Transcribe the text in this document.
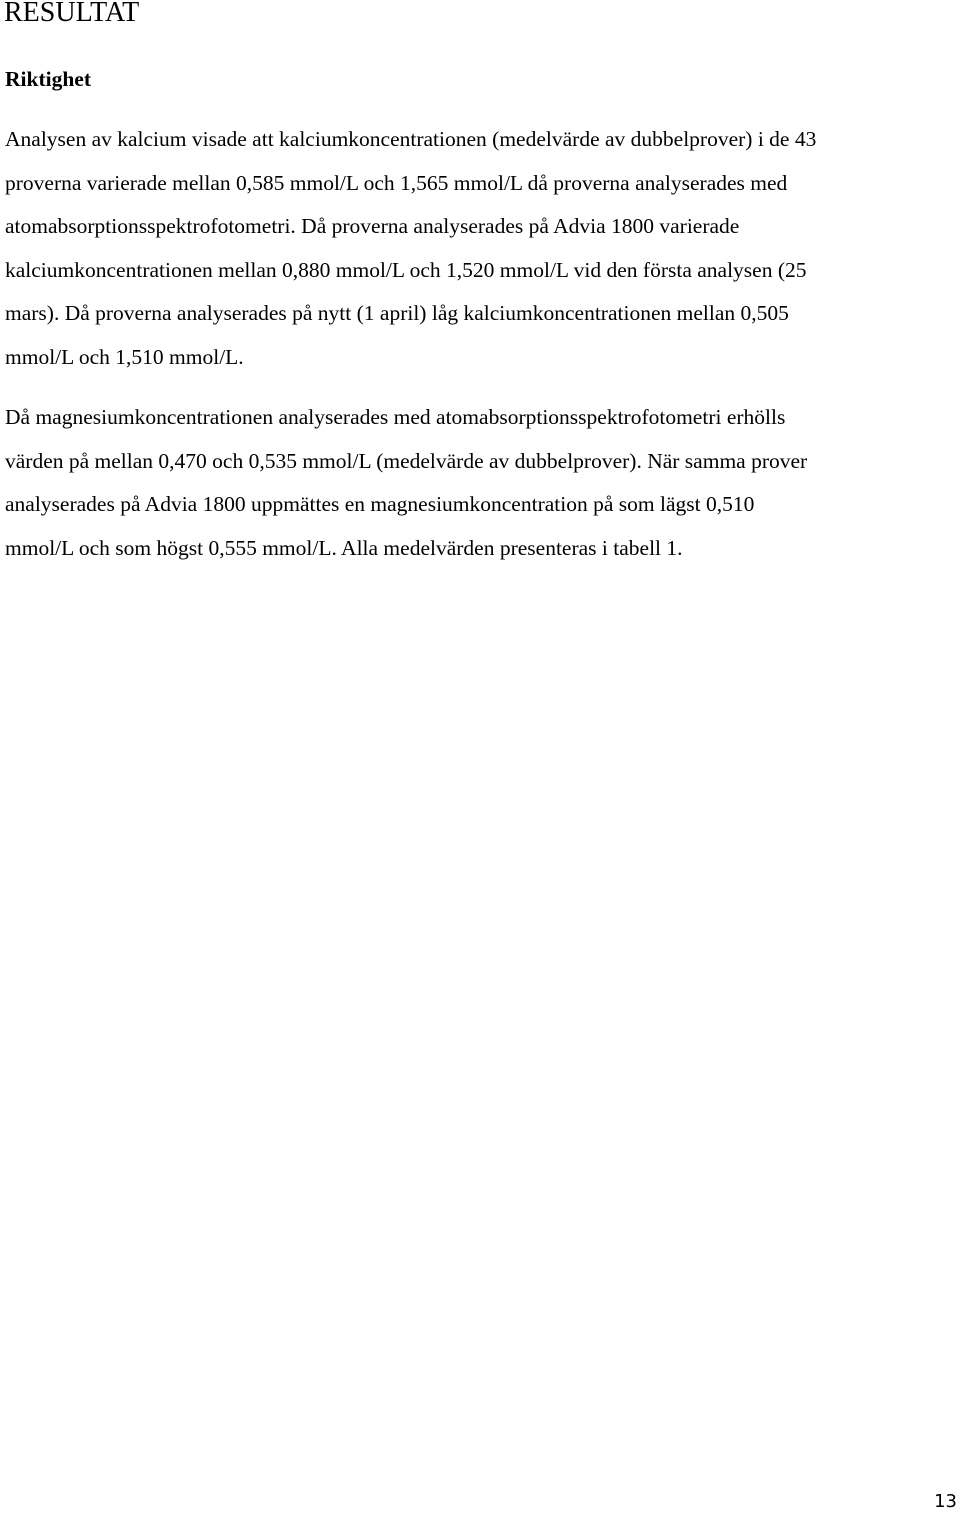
RESULTAT
Riktighet

Analysen av kalcium visade att kalciumkoncentrationen (medelvärde av dubbelprover) i de 43
proverna varierade mellan 0,585 mmol/L och 1,565 mmol/L då proverna analyserades med
atomabsorptionsspektrofotometri. Då proverna analyserades på Advia 1800 varierade
kalciumkoncentrationen mellan 0,880 mmol/L och 1,520 mmol/L vid den första analysen (25
mars). Då proverna analyserades på nytt (1 april) låg kalciumkoncentrationen mellan 0,505
mmol/L och 1,510 mmol/L.

Då magnesiumkoncentrationen analyserades med atomabsorptionsspektrofotometri erhölls
värden på mellan 0,470 och 0,535 mmol/L (medelvärde av dubbelprover). När samma prover
analyserades på Advia 1800 uppmättes en magnesiumkoncentration på som lägst 0,510
mmol/L och som högst 0,555 mmol/L. Alla medelvärden presenteras i tabell 1.

13
